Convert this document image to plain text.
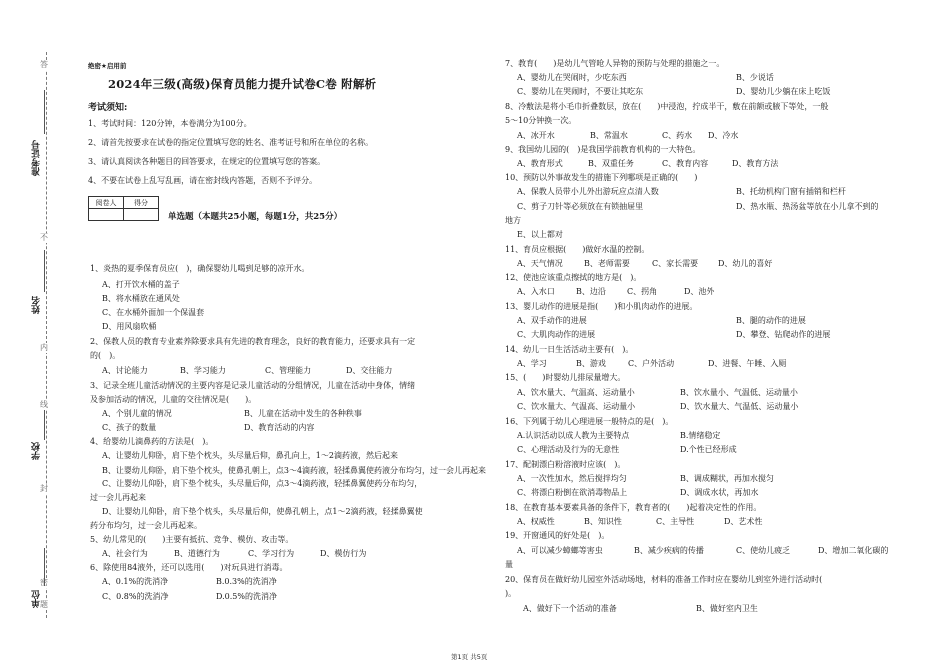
答
不
内
线
封
密
题
准考证号
姓名
学校
单位
绝密★启用前
2024年三级(高级)保育员能力提升试卷C卷 附解析
考试须知:
1、考试时间：120分钟，本卷满分为100分。
2、请首先按要求在试卷的指定位置填写您的姓名、准考证号和所在单位的名称。
3、请认真阅读各种题目的回答要求，在规定的位置填写您的答案。
4、不要在试卷上乱写乱画，请在密封线内答题，否则不予评分。
阅卷人	得分

单选题（本题共25小题，每题1分，共25分）
1、炎热的夏季保育员应(　)，确保婴幼儿喝到足够的凉开水。
A、打开饮水桶的盖子
B、将水桶放在通风处
C、在水桶外面加一个保温套
D、用风扇吹桶
2、保教人员的教育专业素养除要求具有先进的教育理念，良好的教育能力，还要求具有一定
的(　)。
A、讨论能力	B、学习能力	C、管理能力	D、交往能力
3、记录全班儿童活动情况的主要内容是记录儿童活动的分组情况，儿童在活动中身体，情绪
及参加活动的情况，儿童的交往情况是(　　)。
A、个别儿童的情况	B、儿童在活动中发生的各种秩事
C、孩子的数量	D、教育活动的内容
4、给婴幼儿滴鼻药的方法是(　)。
A、让婴幼儿仰卧，肩下垫个枕头，头尽量后仰，鼻孔向上，1～2滴药液，然后起来
B、让婴幼儿仰卧，肩下垫个枕头，使鼻孔朝上，点3～4滴药液，轻揉鼻翼使药液分布均匀，过一会儿再起来
C、让婴幼儿仰卧，肩下垫个枕头，头尽量后仰，点3～4滴药液，轻揉鼻翼使药分布均匀，
过一会儿再起来
D、让婴幼儿仰卧，肩下垫个枕头，头尽量后仰，使鼻孔朝上，点1～2滴药液，轻揉鼻翼使
药分布均匀，过一会儿再起来。
5、幼儿常见的(　　)主要有抵抗、竞争、模仿、攻击等。
A、社会行为	B、道德行为	C、学习行为	D、模仿行为
6、除使用84液外，还可以选用(　　)对玩具进行消毒。
A、0.1%的洗消净	B.0.3%的洗消净
C、0.8%的洗消净	D.0.5%的洗消净
7、教育(　　)是幼儿气管呛人异物的预防与处理的措施之一。
A、婴幼儿在哭闹时，少吃东西	B、少说话
C、婴幼儿在哭闹时，不要让其吃东	D、婴幼儿少躺在床上吃饭
8、冷敷法是将小毛巾折叠数层，放在(　　)中浸泡，拧成半干，敷在前额或腋下等处，一般
5～10分钟换一次。
A、冰开水	B、常温水	C、药水 D、冷水
9、我国幼儿园的(　)是我国学前教育机构的一大特色。
A、教育形式	B、双重任务	C、教育内容	D、教育方法
10、预防以外事故发生的措施下列哪项是正确的(　　)
A、保教人员带小儿外出游玩应点清人数	B、托幼机构门窗有插销和栏杆
C、剪子刀针等必须放在有锁抽屉里	D、热水瓶、热汤盆等放在小儿拿不到的
地方
E、以上都对
11、育员应根据(　　)做好水温的控制。
A、天气情况	B、老师需要	C、家长需要 D、幼儿的喜好
12、使池应该重点擦拭的地方是(　)。
A、入水口	B、边沿	C、拐角	D、池外
13、婴儿动作的进展是指(　　)和小肌肉动作的进展。
A、双手动作的进展	B、腿的动作的进展
C、大肌肉动作的进展	D、攀登、钻爬动作的进展
14、幼儿一日生活活动主要有(　)。
A、学习	B、游戏	C、户外活动	D、进餐、午睡、入厕
15、(　　)时婴幼儿排尿量增大。
A、饮水量大、气温高、运动量小	B、饮水量小、气温低、运动量小
C、饮水量大、气温高、运动量小	D、饮水量大、气温低、运动量小
16、下列属于幼儿心理进展一般特点的是(　)。
A.认识活动以成人教为主要特点	B.情绪稳定
C、心理活动及行为的无意性	D.个性已经形成
17、配制漂白粉溶液时应该(　)。
A、一次性加水，然后搅拌均匀	B、调成糊状，再加水搅匀
C、将漂白粉倒在欲消毒物品上	D、调成水状，再加水
18、在教育基本要素具备的条件下，教育者的(　　)起着决定性的作用。
A、权威性	B、知识性	C、主导性	D、艺术性
19、开窗通风的好处是(　)。
A、可以减少蟑螂等害虫	B、减少疾病的传播	C、使幼儿疲乏	D、增加二氧化碳的
量
20、保育员在做好幼儿园室外活动场地，材料的准备工作时应在婴幼儿到室外进行活动时(
)。
A、做好下一个活动的准备	B、做好室内卫生
第1页 共5页
